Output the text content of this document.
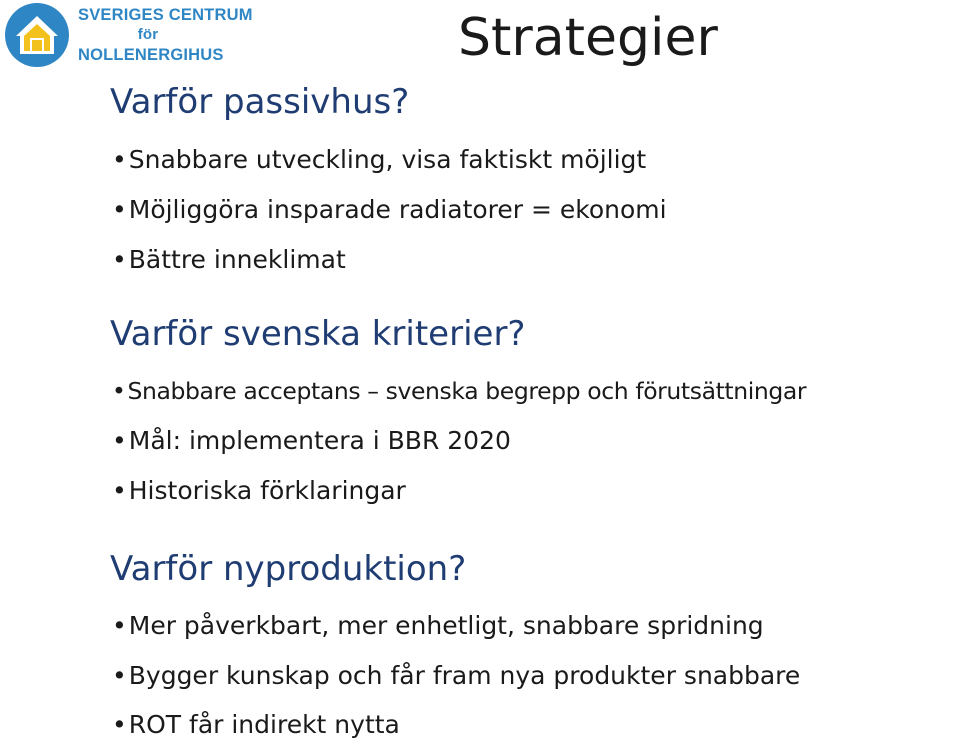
SVERIGES CENTRUM
för
NOLLENERGIHUS	Strategier
Varför passivhus?

• Snabbare utveckling, visa faktiskt möjligt

• Möjliggöra insparade radiatorer = ekonomi

• Bättre inneklimat

Varför svenska kriterier?

• Snabbare acceptans – svenska begrepp och förutsättningar

• Mål: implementera i BBR 2020

• Historiska förklaringar

Varför nyproduktion?

• Mer påverkbart, mer enhetligt, snabbare spridning

• Bygger kunskap och får fram nya produkter snabbare

• ROT får indirekt nytta
